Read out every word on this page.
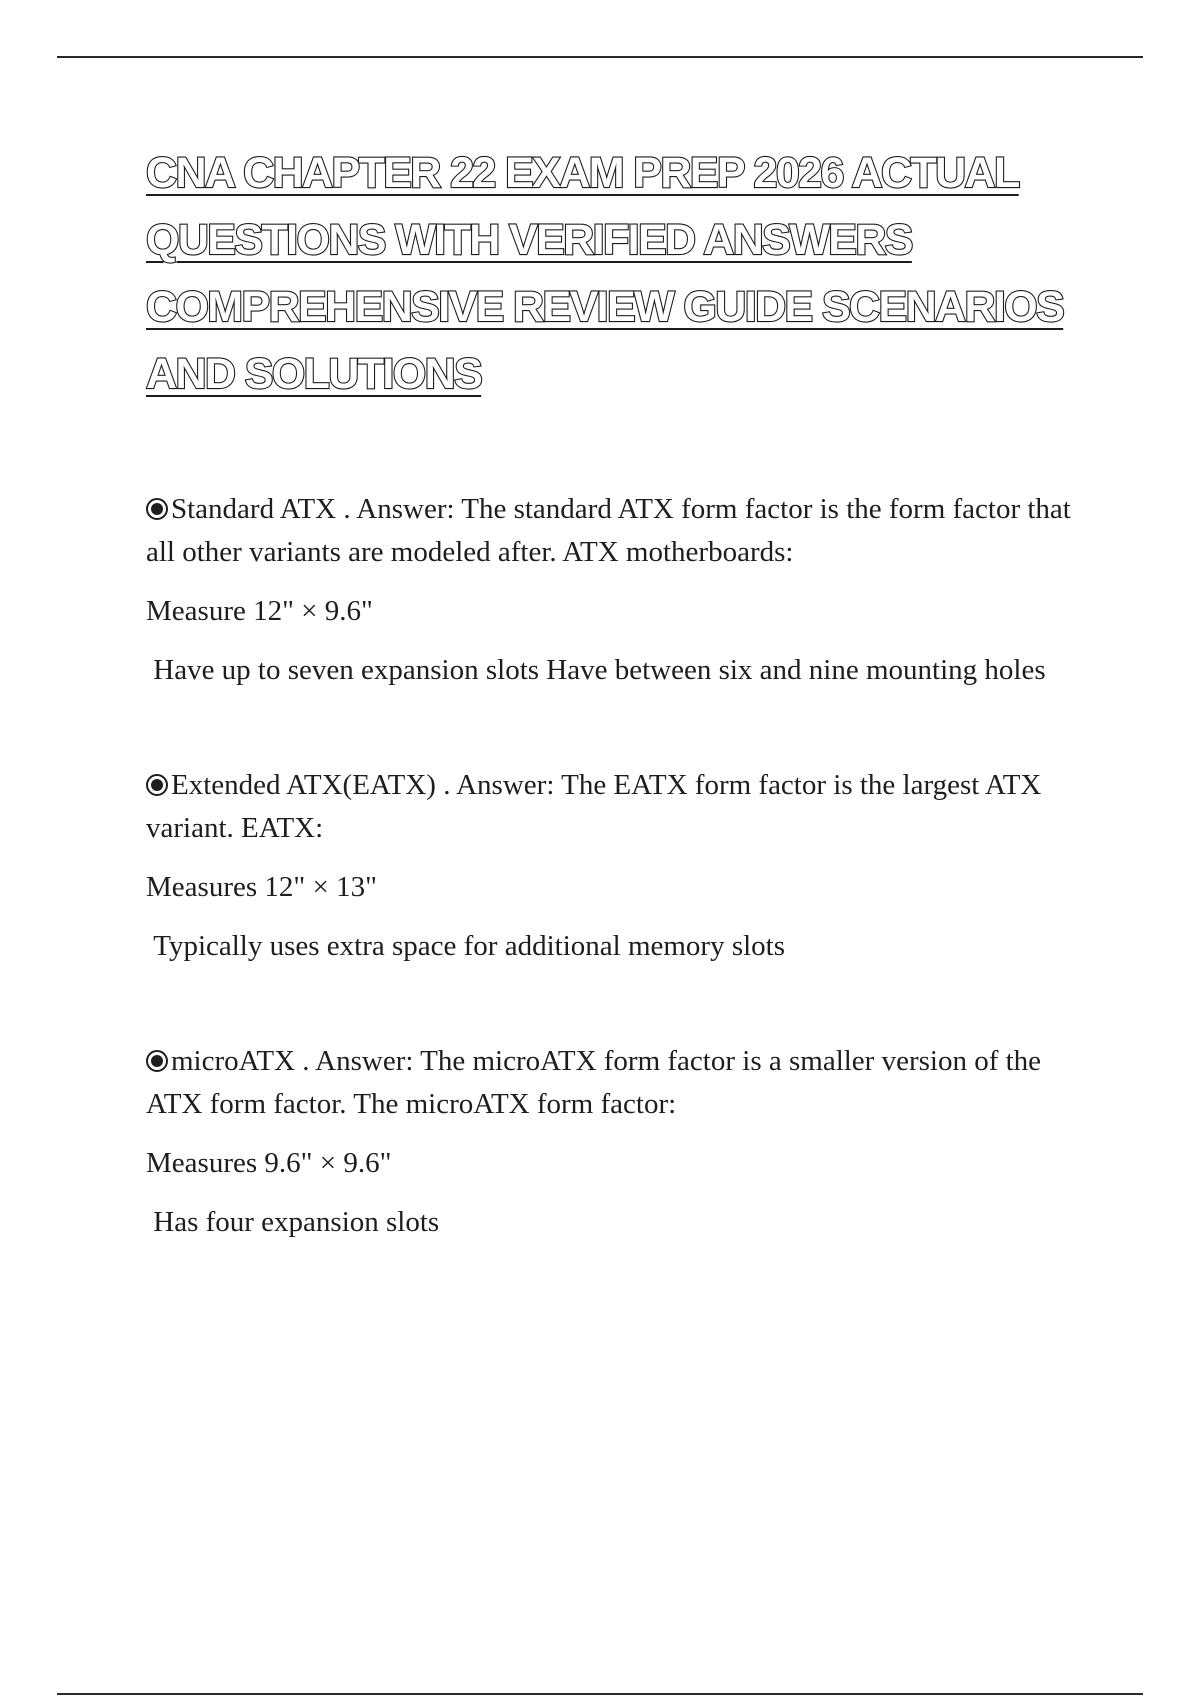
CNA CHAPTER 22 EXAM PREP 2026 ACTUAL
QUESTIONS WITH VERIFIED ANSWERS
COMPREHENSIVE REVIEW GUIDE SCENARIOS
AND SOLUTIONS

Standard ATX . Answer: The standard ATX form factor is the form factor that all other variants are modeled after. ATX motherboards:

Measure 12" × 9.6"

Have up to seven expansion slots Have between six and nine mounting holes

Extended ATX(EATX) . Answer: The EATX form factor is the largest ATX variant. EATX:

Measures 12" × 13"

Typically uses extra space for additional memory slots

microATX . Answer: The microATX form factor is a smaller version of the ATX form factor. The microATX form factor:

Measures 9.6" × 9.6"

Has four expansion slots
